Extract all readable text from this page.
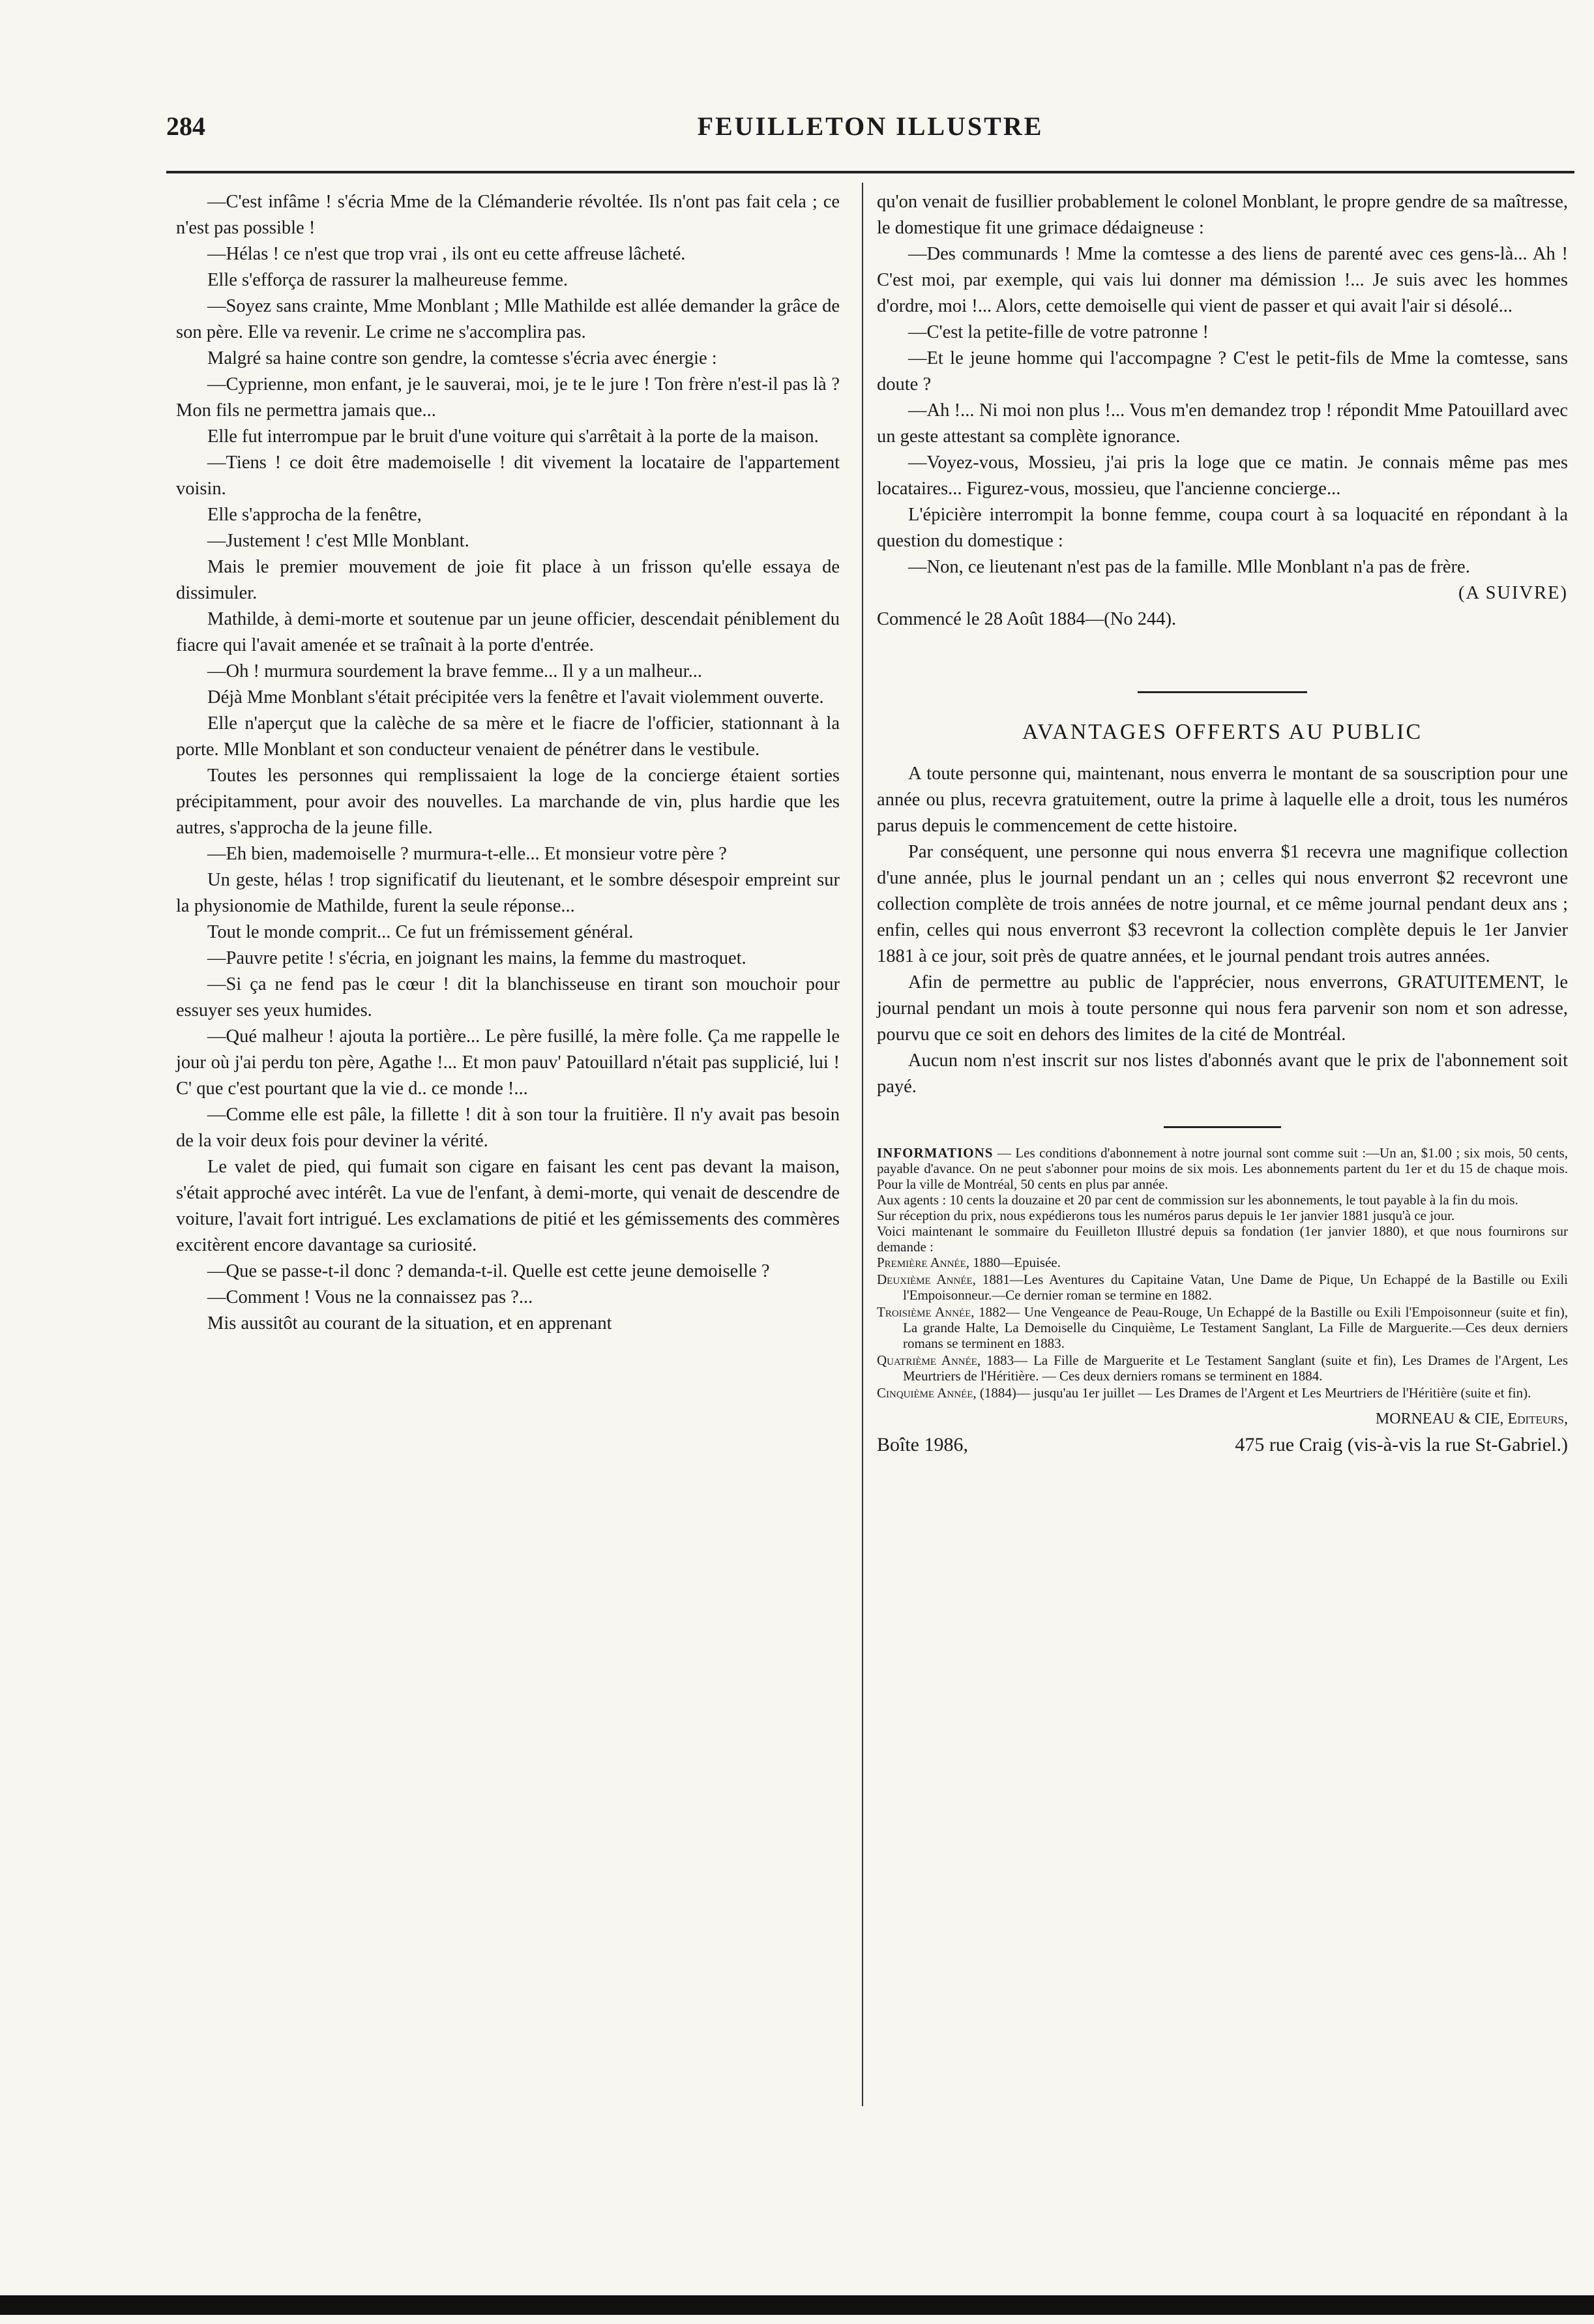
284	FEUILLETON ILLUSTRE

—C'est infâme ! s'écria Mme de la Clémanderie révoltée. Ils n'ont pas fait cela ; ce n'est pas possible !

—Hélas ! ce n'est que trop vrai , ils ont eu cette affreuse lâcheté.

Elle s'efforça de rassurer la malheureuse femme.

—Soyez sans crainte, Mme Monblant ; Mlle Mathilde est allée demander la grâce de son père. Elle va revenir. Le crime ne s'accomplira pas.

Malgré sa haine contre son gendre, la comtesse s'écria avec énergie :

—Cyprienne, mon enfant, je le sauverai, moi, je te le jure ! Ton frère n'est-il pas là ? Mon fils ne permettra jamais que...

Elle fut interrompue par le bruit d'une voiture qui s'arrêtait à la porte de la maison.

—Tiens ! ce doit être mademoiselle ! dit vivement la locataire de l'appartement voisin.

Elle s'approcha de la fenêtre,

—Justement ! c'est Mlle Monblant.

Mais le premier mouvement de joie fit place à un frisson qu'elle essaya de dissimuler.

Mathilde, à demi-morte et soutenue par un jeune officier, descendait péniblement du fiacre qui l'avait amenée et se traînait à la porte d'entrée.

—Oh ! murmura sourdement la brave femme... Il y a un malheur...

Déjà Mme Monblant s'était précipitée vers la fenêtre et l'avait violemment ouverte.

Elle n'aperçut que la calèche de sa mère et le fiacre de l'officier, stationnant à la porte. Mlle Monblant et son conducteur venaient de pénétrer dans le vestibule.

Toutes les personnes qui remplissaient la loge de la concierge étaient sorties précipitamment, pour avoir des nouvelles. La marchande de vin, plus hardie que les autres, s'approcha de la jeune fille.

—Eh bien, mademoiselle ? murmura-t-elle... Et monsieur votre père ?

Un geste, hélas ! trop significatif du lieutenant, et le sombre désespoir empreint sur la physionomie de Mathilde, furent la seule réponse...

Tout le monde comprit... Ce fut un frémissement général.

—Pauvre petite ! s'écria, en joignant les mains, la femme du mastroquet.

—Si ça ne fend pas le cœur ! dit la blanchisseuse en tirant son mouchoir pour essuyer ses yeux humides.

—Qué malheur ! ajouta la portière... Le père fusillé, la mère folle. Ça me rappelle le jour où j'ai perdu ton père, Agathe !... Et mon pauv' Patouillard n'était pas supplicié, lui ! C' que c'est pourtant que la vie d.. ce monde !...

—Comme elle est pâle, la fillette ! dit à son tour la fruitière. Il n'y avait pas besoin de la voir deux fois pour deviner la vérité.

Le valet de pied, qui fumait son cigare en faisant les cent pas devant la maison, s'était approché avec intérêt. La vue de l'enfant, à demi-morte, qui venait de descendre de voiture, l'avait fort intrigué. Les exclamations de pitié et les gémissements des commères excitèrent encore davantage sa curiosité.

—Que se passe-t-il donc ? demanda-t-il. Quelle est cette jeune demoiselle ?

—Comment ! Vous ne la connaissez pas ?...

Mis aussitôt au courant de la situation, et en apprenant

qu'on venait de fusillier probablement le colonel Monblant, le propre gendre de sa maîtresse, le domestique fit une grimace dédaigneuse :

—Des communards ! Mme la comtesse a des liens de parenté avec ces gens-là... Ah ! C'est moi, par exemple, qui vais lui donner ma démission !... Je suis avec les hommes d'ordre, moi !... Alors, cette demoiselle qui vient de passer et qui avait l'air si désolé...

—C'est la petite-fille de votre patronne !

—Et le jeune homme qui l'accompagne ? C'est le petit-fils de Mme la comtesse, sans doute ?

—Ah !... Ni moi non plus !... Vous m'en demandez trop ! répondit Mme Patouillard avec un geste attestant sa complète ignorance.

—Voyez-vous, Mossieu, j'ai pris la loge que ce matin. Je connais même pas mes locataires... Figurez-vous, mossieu, que l'ancienne concierge...

L'épicière interrompit la bonne femme, coupa court à sa loquacité en répondant à la question du domestique :

—Non, ce lieutenant n'est pas de la famille. Mlle Monblant n'a pas de frère.

(A SUIVRE)

Commencé le 28 Août 1884—(No 244).

AVANTAGES OFFERTS AU PUBLIC

A toute personne qui, maintenant, nous enverra le montant de sa souscription pour une année ou plus, recevra gratuitement, outre la prime à laquelle elle a droit, tous les numéros parus depuis le commencement de cette histoire.

Par conséquent, une personne qui nous enverra $1 recevra une magnifique collection d'une année, plus le journal pendant un an ; celles qui nous enverront $2 recevront une collection complète de trois années de notre journal, et ce même journal pendant deux ans ; enfin, celles qui nous enverront $3 recevront la collection complète depuis le 1er Janvier 1881 à ce jour, soit près de quatre années, et le journal pendant trois autres années.

Afin de permettre au public de l'apprécier, nous enverrons, GRATUITEMENT, le journal pendant un mois à toute personne qui nous fera parvenir son nom et son adresse, pourvu que ce soit en dehors des limites de la cité de Montréal.

Aucun nom n'est inscrit sur nos listes d'abonnés avant que le prix de l'abonnement soit payé.

INFORMATIONS — Les conditions d'abonnement à notre journal sont comme suit :—Un an, $1.00 ; six mois, 50 cents, payable d'avance. On ne peut s'abonner pour moins de six mois. Les abonnements partent du 1er et du 15 de chaque mois. Pour la ville de Montréal, 50 cents en plus par année.

Aux agents : 10 cents la douzaine et 20 par cent de commission sur les abonnements, le tout payable à la fin du mois.

Sur réception du prix, nous expédierons tous les numéros parus depuis le 1er janvier 1881 jusqu'à ce jour.

Voici maintenant le sommaire du Feuilleton Illustré depuis sa fondation (1er janvier 1880), et que nous fournirons sur demande :

Première Année, 1880—Epuisée.

Deuxième Année, 1881—Les Aventures du Capitaine Vatan, Une Dame de Pique, Un Echappé de la Bastille ou Exili l'Empoisonneur.—Ce dernier roman se termine en 1882.

Troisième Année, 1882— Une Vengeance de Peau-Rouge, Un Echappé de la Bastille ou Exili l'Empoisonneur (suite et fin), La grande Halte, La Demoiselle du Cinquième, Le Testament Sanglant, La Fille de Marguerite.—Ces deux derniers romans se terminent en 1883.

Quatrième Année, 1883— La Fille de Marguerite et Le Testament Sanglant (suite et fin), Les Drames de l'Argent, Les Meurtriers de l'Héritière. — Ces deux derniers romans se terminent en 1884.

Cinquième Année, (1884)— jusqu'au 1er juillet — Les Drames de l'Argent et Les Meurtriers de l'Héritière (suite et fin).

MORNEAU & CIE, Editeurs,

Boîte 1986,	475 rue Craig (vis-à-vis la rue St-Gabriel.)
